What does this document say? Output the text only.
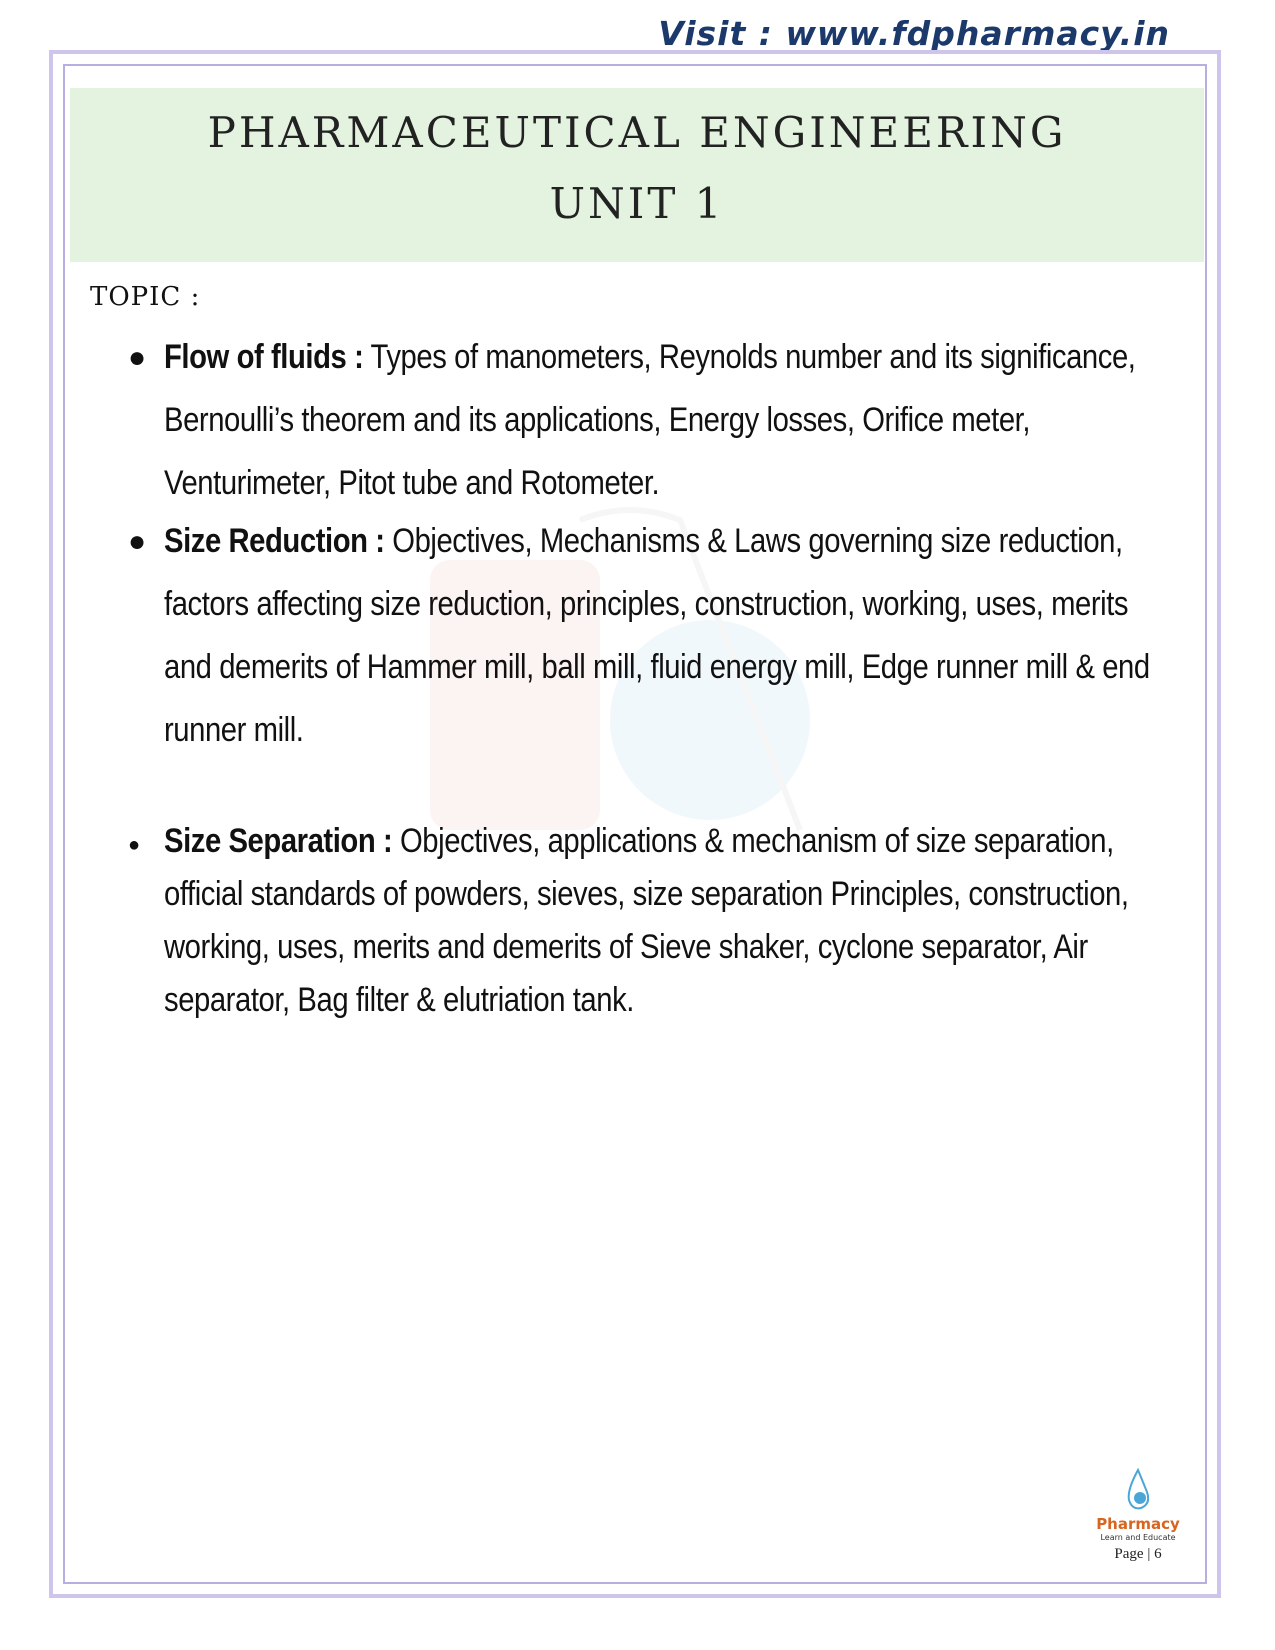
Visit : www.fdpharmacy.in
PHARMACEUTICAL ENGINEERING
UNIT 1
TOPIC :
● Flow of fluids : Types of manometers, Reynolds number and its significance, Bernoulli’s theorem and its applications, Energy losses, Orifice meter, Venturimeter, Pitot tube and Rotometer.
● Size Reduction : Objectives, Mechanisms & Laws governing size reduction, factors affecting size reduction, principles, construction, working, uses, merits and demerits of Hammer mill, ball mill, fluid energy mill, Edge runner mill & end runner mill.
● Size Separation : Objectives, applications & mechanism of size separation, official standards of powders, sieves, size separation Principles, construction, working, uses, merits and demerits of Sieve shaker, cyclone separator, Air separator, Bag filter & elutriation tank.
Pharmacy
Learn and Educate
Page | 6
